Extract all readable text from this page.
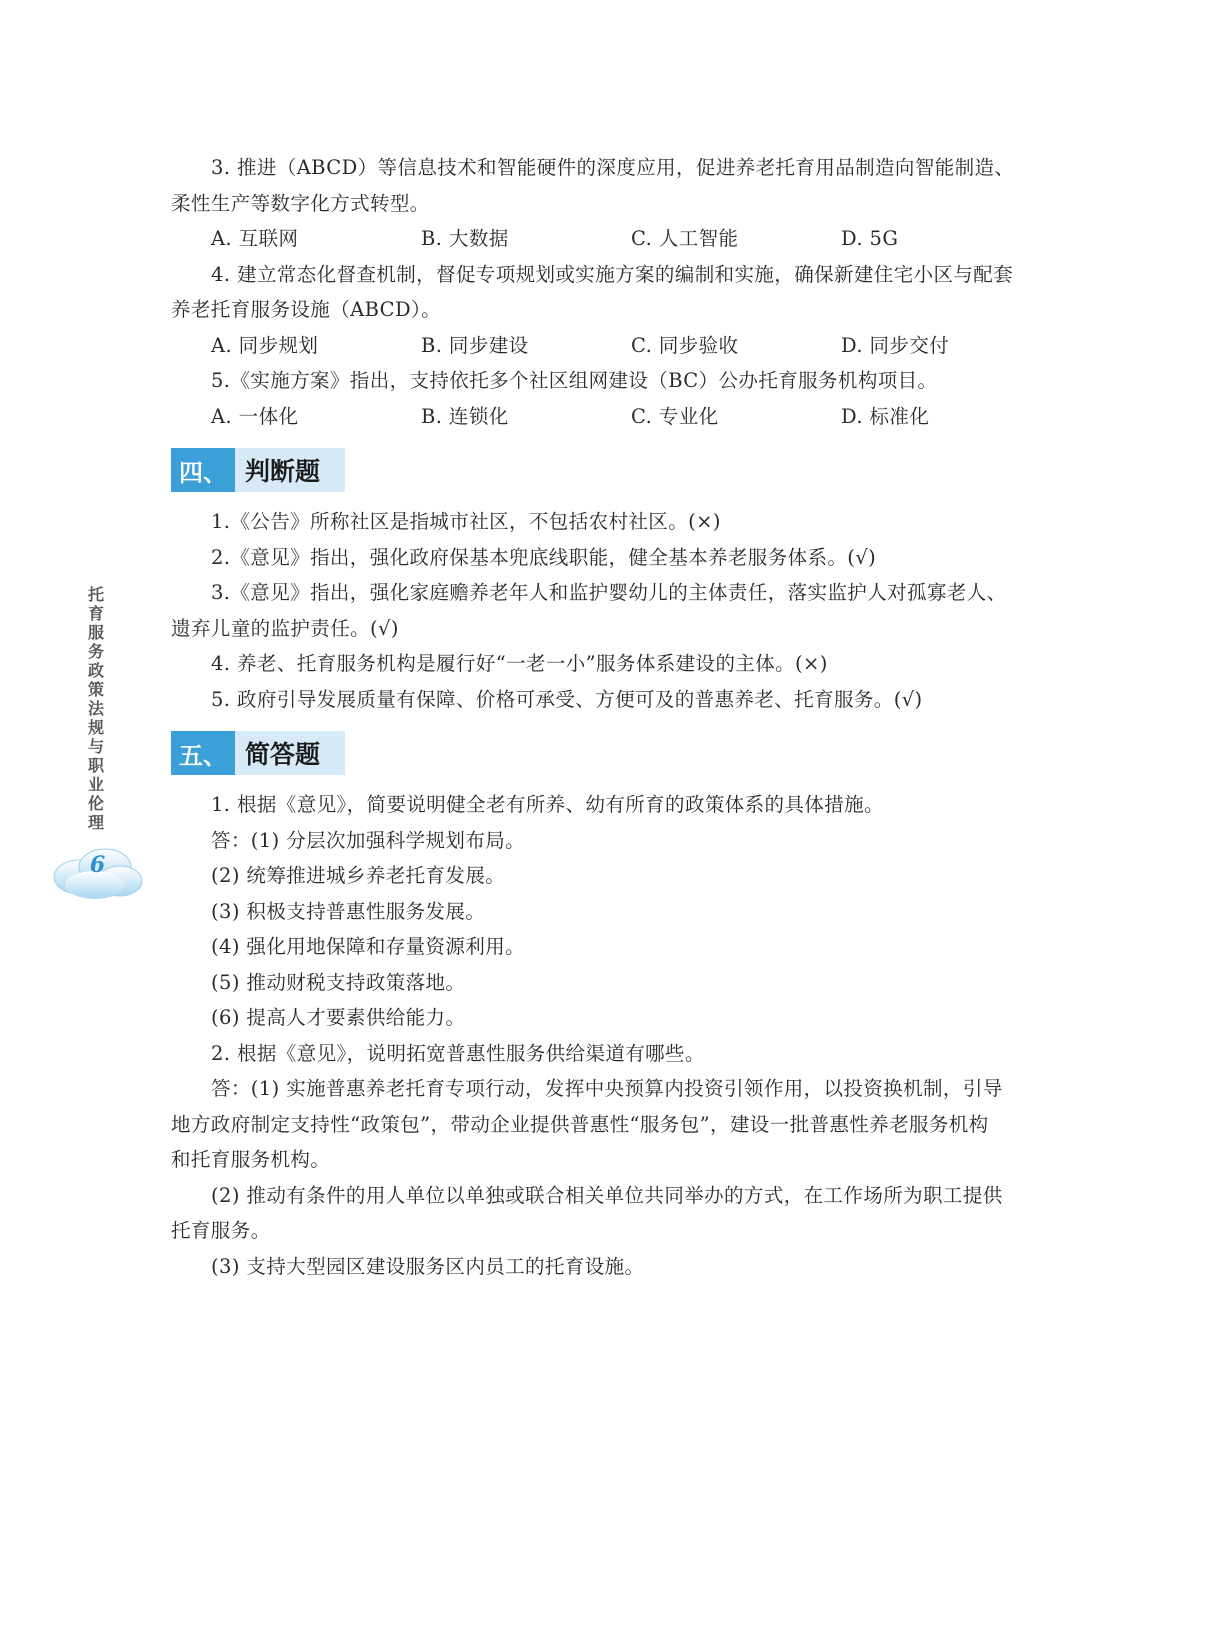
托育服务政策法规与职业伦理
6

3. 推进（ABCD）等信息技术和智能硬件的深度应用，促进养老托育用品制造向智能制造、

柔性生产等数字化方式转型。

A. 互联网	B. 大数据	C. 人工智能	D. 5G

4. 建立常态化督查机制，督促专项规划或实施方案的编制和实施，确保新建住宅小区与配套

养老托育服务设施（ABCD）。

A. 同步规划	B. 同步建设	C. 同步验收	D. 同步交付

5.《实施方案》指出，支持依托多个社区组网建设（BC）公办托育服务机构项目。

A. 一体化	B. 连锁化	C. 专业化	D. 标准化
四、 判断题

1.《公告》所称社区是指城市社区，不包括农村社区。(×)

2.《意见》指出，强化政府保基本兜底线职能，健全基本养老服务体系。(√)

3.《意见》指出，强化家庭赡养老年人和监护婴幼儿的主体责任，落实监护人对孤寡老人、

遗弃儿童的监护责任。(√)

4. 养老、托育服务机构是履行好“一老一小”服务体系建设的主体。(×)

5. 政府引导发展质量有保障、价格可承受、方便可及的普惠养老、托育服务。(√)

五、 简答题

1. 根据《意见》，简要说明健全老有所养、幼有所育的政策体系的具体措施。

答：(1) 分层次加强科学规划布局。

(2) 统筹推进城乡养老托育发展。

(3) 积极支持普惠性服务发展。

(4) 强化用地保障和存量资源利用。

(5) 推动财税支持政策落地。

(6) 提高人才要素供给能力。

2. 根据《意见》，说明拓宽普惠性服务供给渠道有哪些。

答：(1) 实施普惠养老托育专项行动，发挥中央预算内投资引领作用，以投资换机制，引导

地方政府制定支持性“政策包”，带动企业提供普惠性“服务包”，建设一批普惠性养老服务机构

和托育服务机构。

(2) 推动有条件的用人单位以单独或联合相关单位共同举办的方式，在工作场所为职工提供

托育服务。

(3) 支持大型园区建设服务区内员工的托育设施。
